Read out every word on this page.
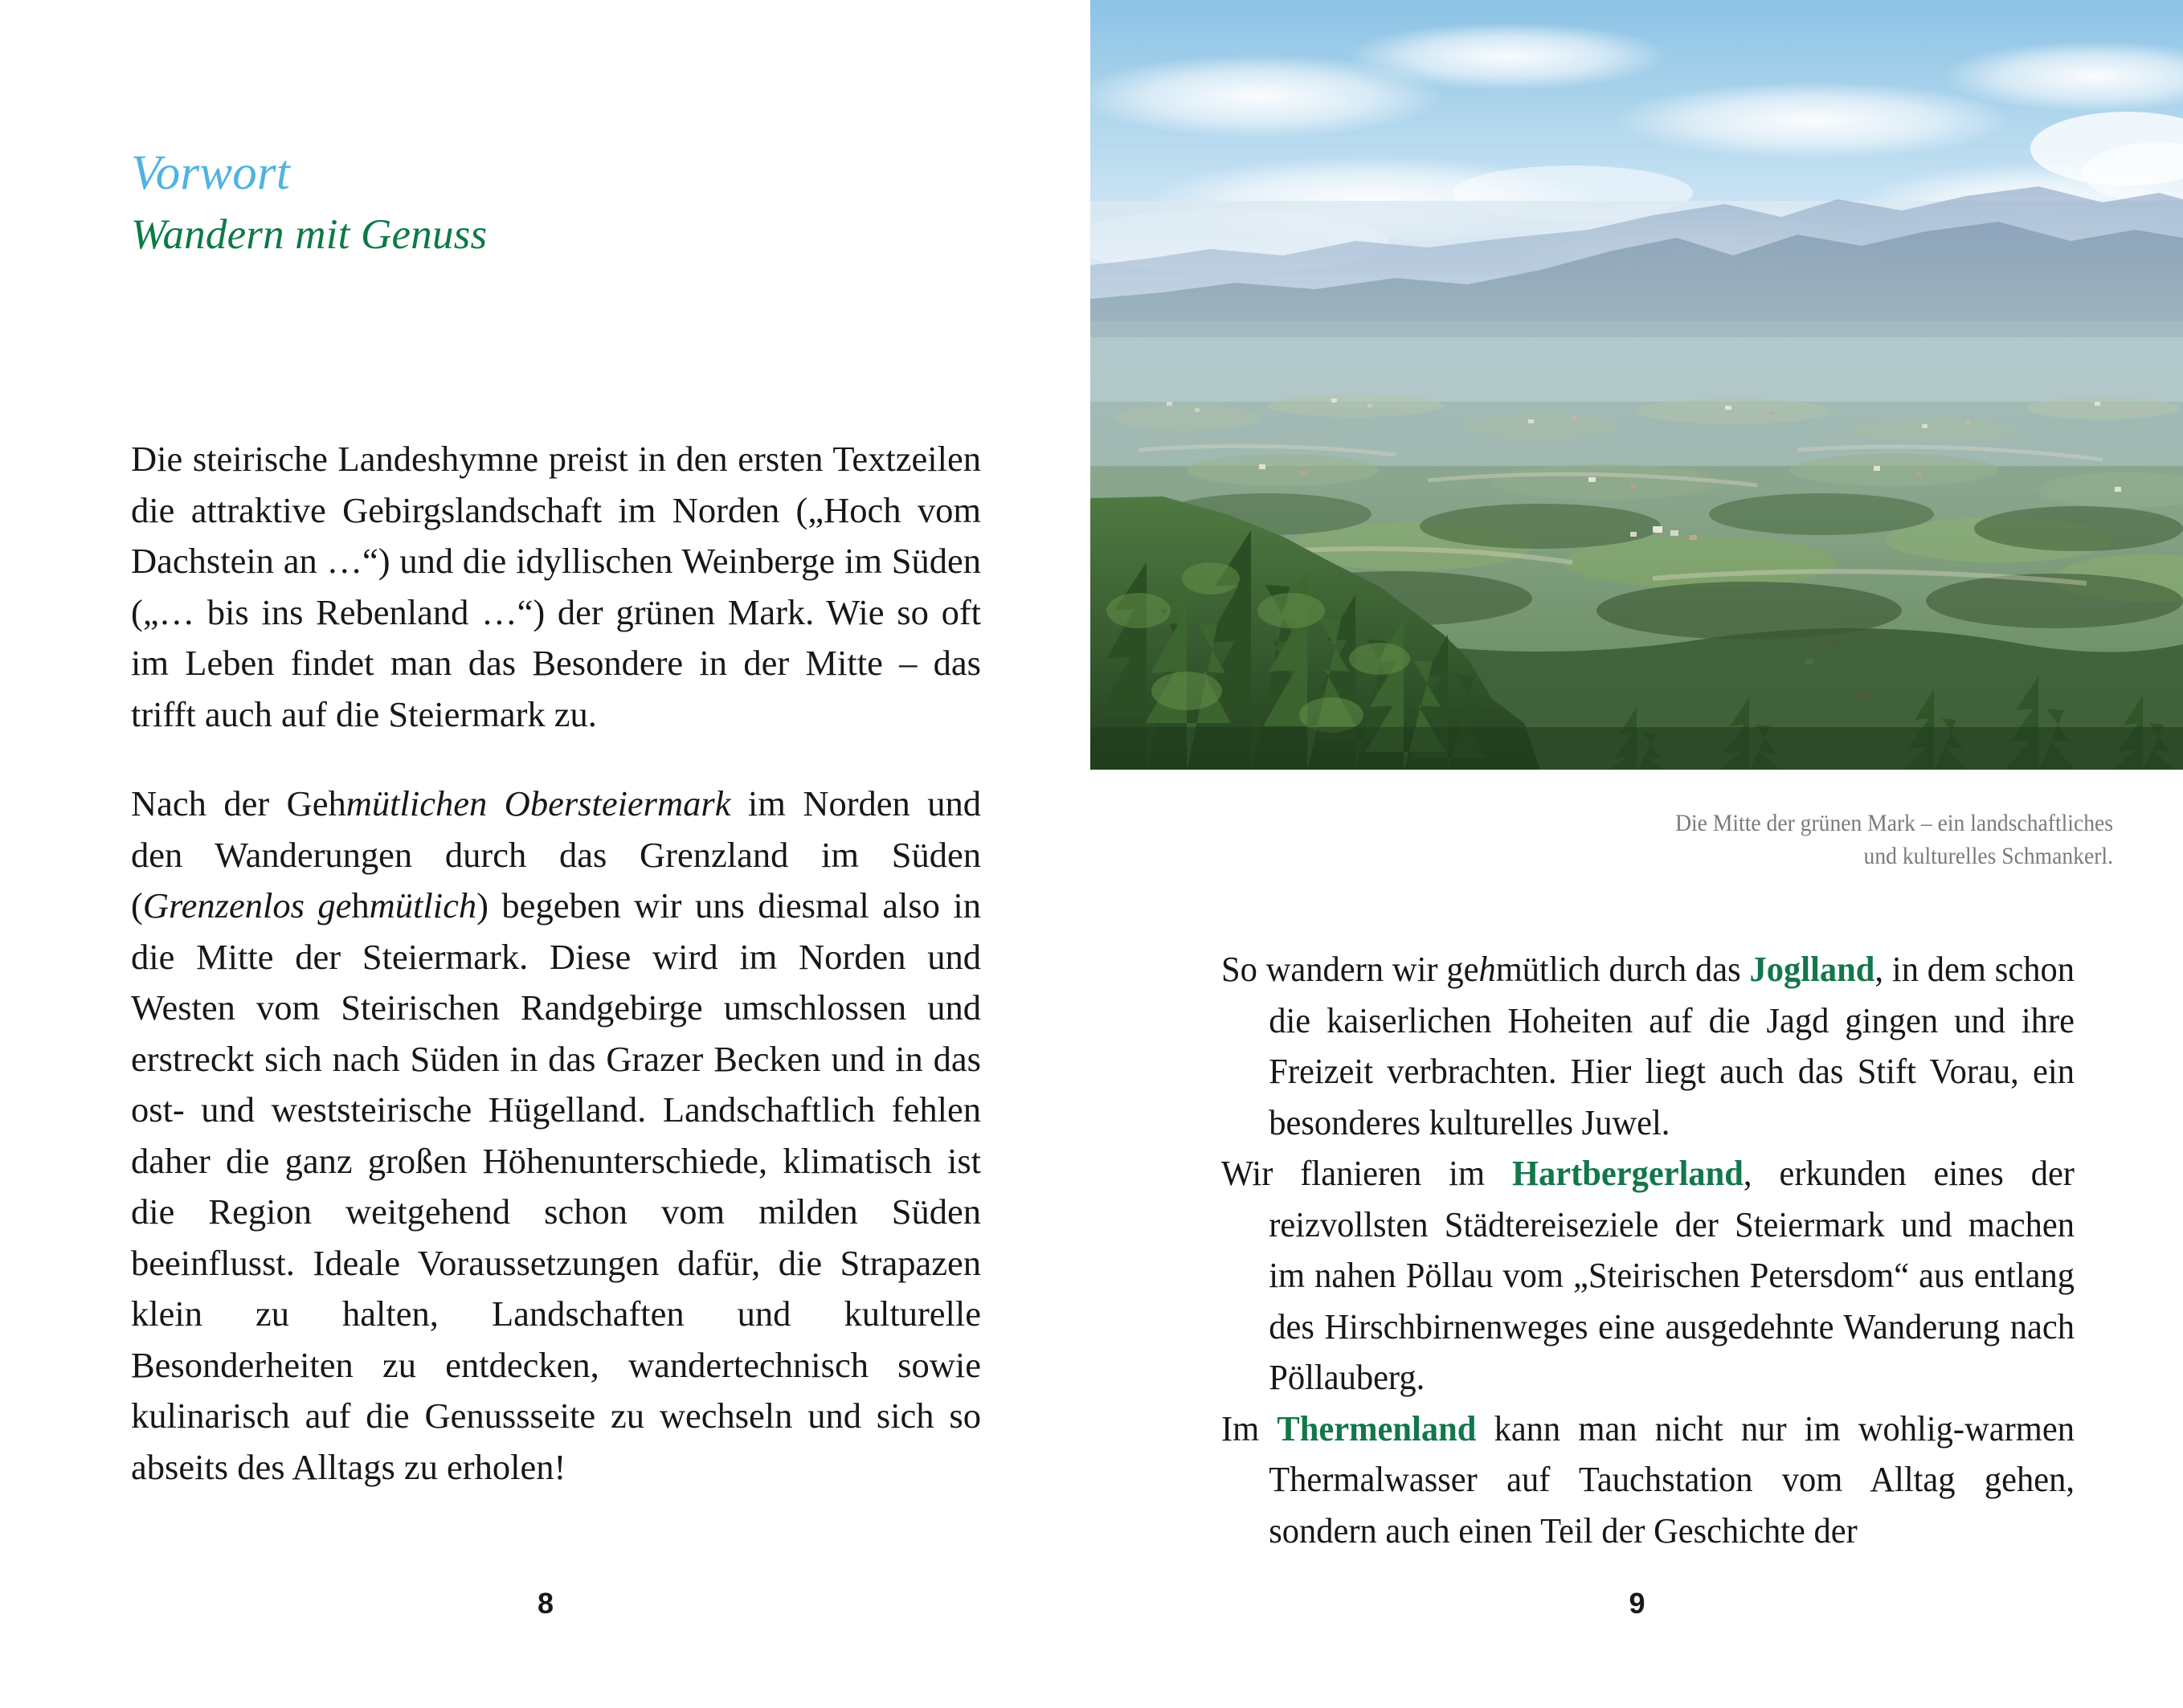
Vorwort
Wandern mit Genuss

Die steirische Landeshymne preist in den ersten Textzeilen die attraktive Gebirgslandschaft im Norden („Hoch vom Dachstein an …“) und die idyllischen Weinberge im Süden („… bis ins Rebenland …“) der grünen Mark. Wie so oft im Leben findet man das Besondere in der Mitte – das trifft auch auf die Steiermark zu.

Nach der Gehmütlichen Obersteiermark im Norden und den Wanderungen durch das Grenzland im Süden (Grenzenlos gehmütlich) begeben wir uns diesmal also in die Mitte der Steiermark. Diese wird im Norden und Westen vom Steirischen Randgebirge umschlossen und erstreckt sich nach Süden in das Grazer Becken und in das ost- und weststeirische Hügelland. Landschaftlich fehlen daher die ganz großen Höhenunterschiede, klimatisch ist die Region weitgehend schon vom milden Süden beeinflusst. Ideale Voraussetzungen dafür, die Strapazen klein zu halten, Landschaften und kulturelle Besonderheiten zu entdecken, wandertechnisch sowie kulinarisch auf die Genussseite zu wechseln und sich so abseits des Alltags zu erholen!

8
Die Mitte der grünen Mark – ein landschaftliches
und kulturelles Schmankerl.

So wandern wir gehmütlich durch das Joglland, in dem schon die kaiserlichen Hoheiten auf die Jagd gingen und ihre Freizeit verbrachten. Hier liegt auch das Stift Vorau, ein besonderes kulturelles Juwel.

Wir flanieren im Hartbergerland, erkunden eines der reizvollsten Städtereiseziele der Steiermark und machen im nahen Pöllau vom „Steirischen Petersdom“ aus entlang des Hirschbirnenweges eine ausgedehnte Wanderung nach Pöllauberg.

Im Thermenland kann man nicht nur im wohlig-warmen Thermalwasser auf Tauchstation vom Alltag gehen, sondern auch einen Teil der Geschichte der

9
